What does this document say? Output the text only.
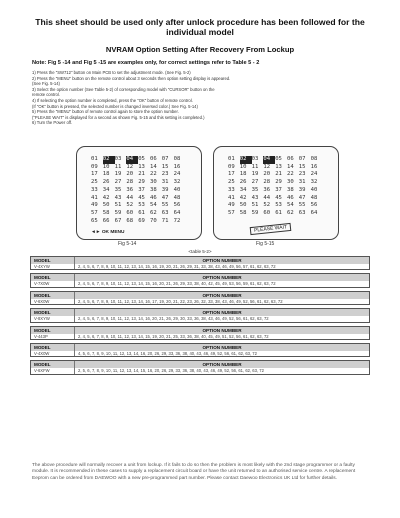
This sheet should be used only after unlock procedure has been followed for the
individual model
NVRAM Option Setting After Recovery From Lockup
Note: Fig 5 -14 and Fig 5 -15 are examples only, for correct settings refer to Table 5 - 2
1) Press the "SW712" button on Main PCB to set the adjustment mode. (See Fig. 5-2)
2) Press the "MENU" button on the remote control about 3 seconds then option setting display is appeared.
(See Fig. 5-14)
3) Select the option number (See Table 5-2) of corresponding model with "CURSOR" button on the
remote control.
4) If selecting the option number is completed, press the "OK" button of remote control.
(If "OK" button is pressed, the selected number is changed inversed color.) See Fig. 5-14)
5) Press the "MENU" button of remote control again to store the option number.
("PLEASE WAIT" is displayed for a second as shown Fig. 5-15 and this setting is completed.)
6) Turn the Power off.
01 02 03 04 05 06 07 08
09 10 11 12 13 14 15 16
17 18 19 20 21 22 23 24
25 26 27 28 29 30 31 32
33 34 35 36 37 38 39 40
41 42 43 44 45 46 47 48
49 50 51 52 53 54 55 56
57 58 59 60 61 62 63 64
65 66 67 68 69 70 71 72
◄► OK MENU
01 02 03 04 05 06 07 08
09 10 11 12 13 14 15 16
17 18 19 20 21 22 23 24
25 26 27 28 29 30 31 32
33 34 35 36 37 38 39 40
41 42 43 44 45 46 47 48
49 50 51 52 53 54 55 56
57 58 59 60 61 62 63 64
PLEASE WAIT
Fig 5-14	Fig 5-15
<table 5-2>
MODEL	OPTION NUMBER
V-4XYW	2, 4, 5, 6, 7, 8, 9, 10, 11, 12, 13, 14, 15, 16, 19, 20, 21, 26, 29, 31, 33, 38, 43, 46, 49, 56, 57, 61, 62, 63, 72
MODEL	OPTION NUMBER
V-7X0W	2, 4, 5, 6, 7, 8, 9, 10, 11, 12, 13, 14, 15, 16, 20, 21, 26, 29, 33, 38, 40, 42, 45, 49, 53, 56, 59, 61, 62, 63, 72
MODEL	OPTION NUMBER
V-6X0W	2, 4, 5, 6, 7, 8, 9, 10, 11, 12, 13, 14, 16, 17, 19, 20, 21, 22, 23, 26, 32, 33, 38, 43, 46, 49, 52, 56, 61, 62, 63, 72
MODEL	OPTION NUMBER
V-8XYW	2, 4, 5, 6, 7, 8, 9, 10, 11, 12, 13, 14, 16, 20, 21, 26, 29, 30, 33, 36, 38, 43, 46, 49, 52, 56, 61, 62, 63, 72
MODEL	OPTION NUMBER
V-443P	2, 4, 5, 6, 7, 8, 9, 10, 11, 12, 13, 14, 15, 19, 20, 21, 25, 33, 36, 38, 40, 45, 49, 51, 52, 56, 61, 62, 63, 72
MODEL	OPTION NUMBER
V-4X0W	4, 5, 6, 7, 8, 9, 10, 11, 12, 13, 14, 16, 20, 26, 29, 33, 36, 38, 40, 43, 46, 49, 52, 56, 61, 62, 63, 72
MODEL	OPTION NUMBER
V-6XFW	2, 5, 6, 7, 8, 9, 10, 11, 12, 13, 14, 15, 16, 20, 26, 29, 33, 36, 38, 40, 43, 46, 49, 52, 56, 61, 62, 63, 72
The above procedure will normally recover a unit from lockup. If it fails to do so then the problem is most likely with the 2nd stage programmer or a faulty module. It is recommended in these cases to supply a replacement circuit board or have the unit returned to an authorised service centre. A replacement Eeprom can be ordered from DAEWOO with a new pre-programmed part number. Please contact Daewoo Electronics UK Ltd for further details.
